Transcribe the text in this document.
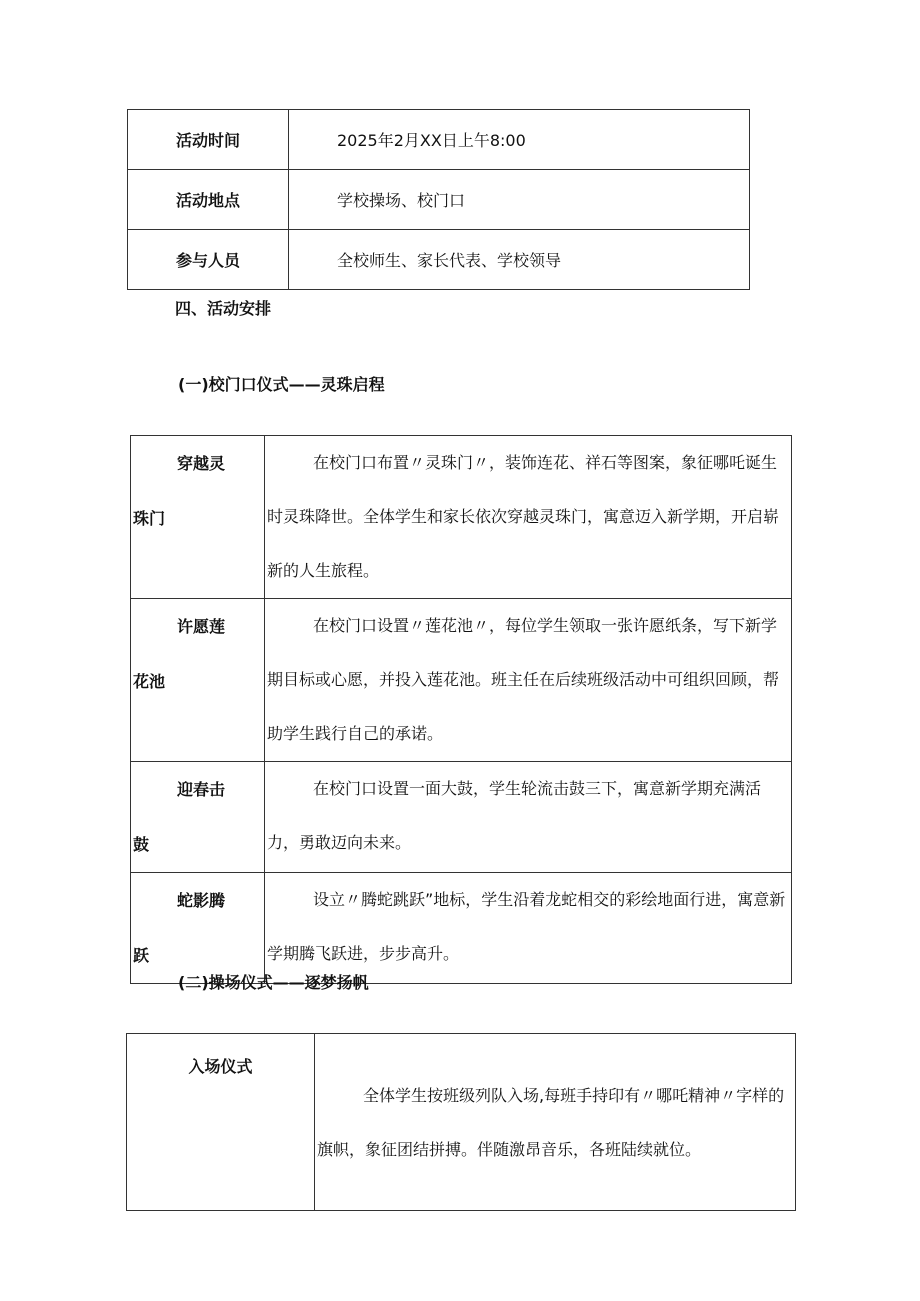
活动时间	2025年2月XX日上午8:00
活动地点	学校操场、校门口
参与人员	全校师生、家长代表、学校领导
四、活动安排
(一)校门口仪式——灵珠启程
穿越灵
珠门	在校门口布置〃灵珠门〃，装饰连花、祥石等图案，象征哪吒诞生时灵珠降世。全体学生和家长依次穿越灵珠门，寓意迈入新学期，开启崭新的人生旅程。

许愿莲
花池	在校门口设置〃莲花池〃，每位学生领取一张许愿纸条，写下新学期目标或心愿，并投入莲花池。班主任在后续班级活动中可组织回顾，帮助学生践行自己的承诺。

迎春击
鼓	在校门口设置一面大鼓，学生轮流击鼓三下，寓意新学期充满活力，勇敢迈向未来。

蛇影腾
跃	设立〃腾蛇跳跃”地标，学生沿着龙蛇相交的彩绘地面行进，寓意新学期腾飞跃进，步步高升。
(二)操场仪式——逐梦扬帆
入场仪式	全体学生按班级列队入场,每班手持印有〃哪吒精神〃字样的旗帜，象征团结拼搏。伴随激昂音乐，各班陆续就位。
